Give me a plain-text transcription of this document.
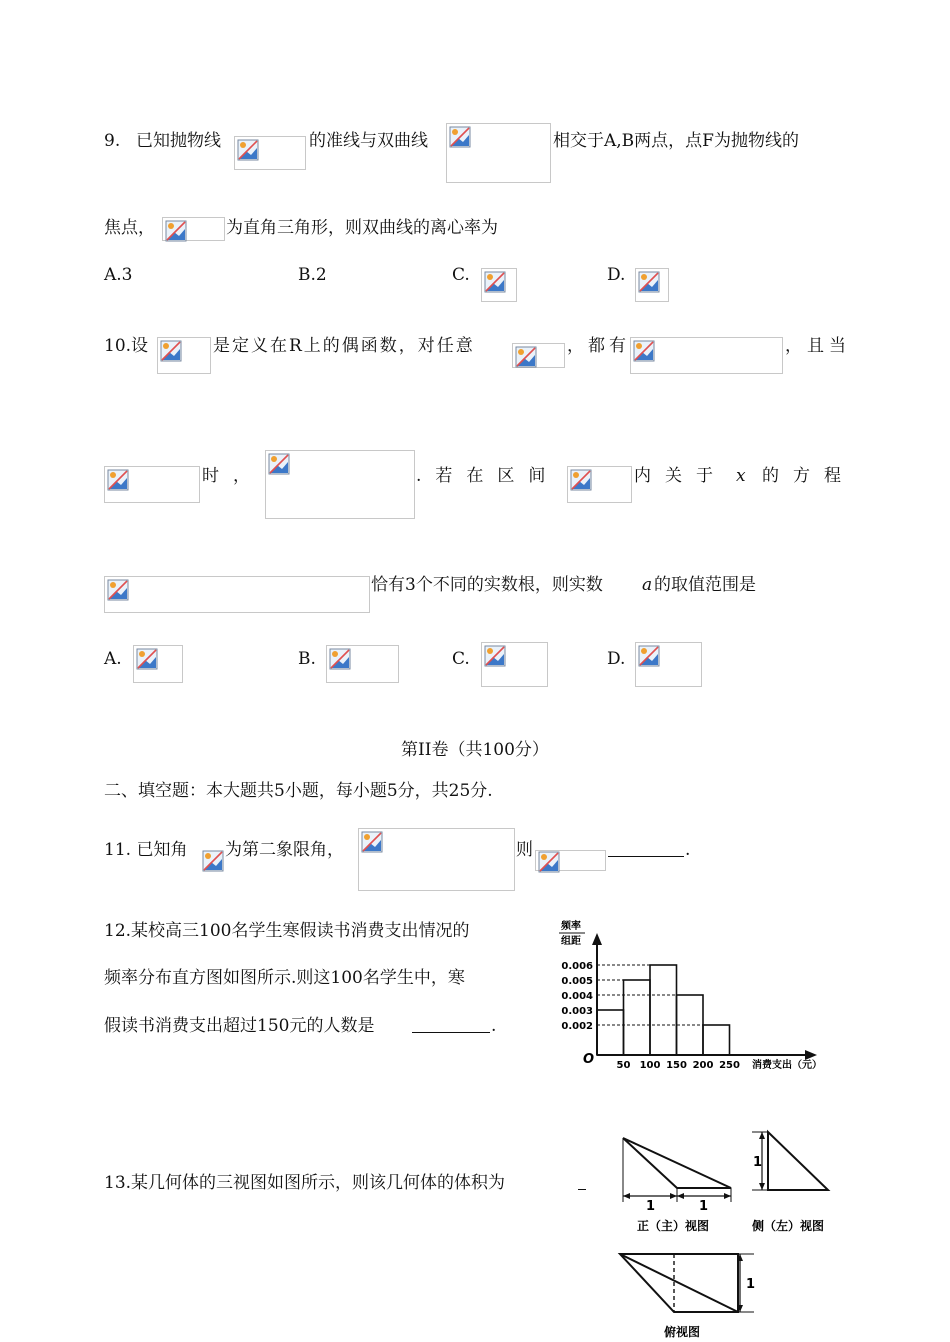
9. 已知抛物线	的准线与双曲线	相交于A,B两点，点F为抛物线的
焦点，	为直角三角形，则双曲线的离心率为
A.3	B.2	C.	D.
10.设	是定义在R上的偶函数，对任意	，都有	，且当
时，	.若在区间	内关于 x 的方程
恰有3个不同的实数根，则实数 a 的取值范围是
A.	B.	C.	D.
第II卷（共100分）
二、填空题：本大题共5小题，每小题5分，共25分.
11. 已知角 为第二象限角，	则	.
12.某校高三100名学生寒假读书消费支出情况的
频率分布直方图如图所示.则这100名学生中，寒
假读书消费支出超过150元的人数是	.
频率
组距
O	消费支出（元）
0.006
0.005
0.004
0.003
0.002
50 100 150 200 250
13.某几何体的三视图如图所示，则该几何体的体积为
1	1
正（主）视图
1
侧（左）视图
1
俯视图
